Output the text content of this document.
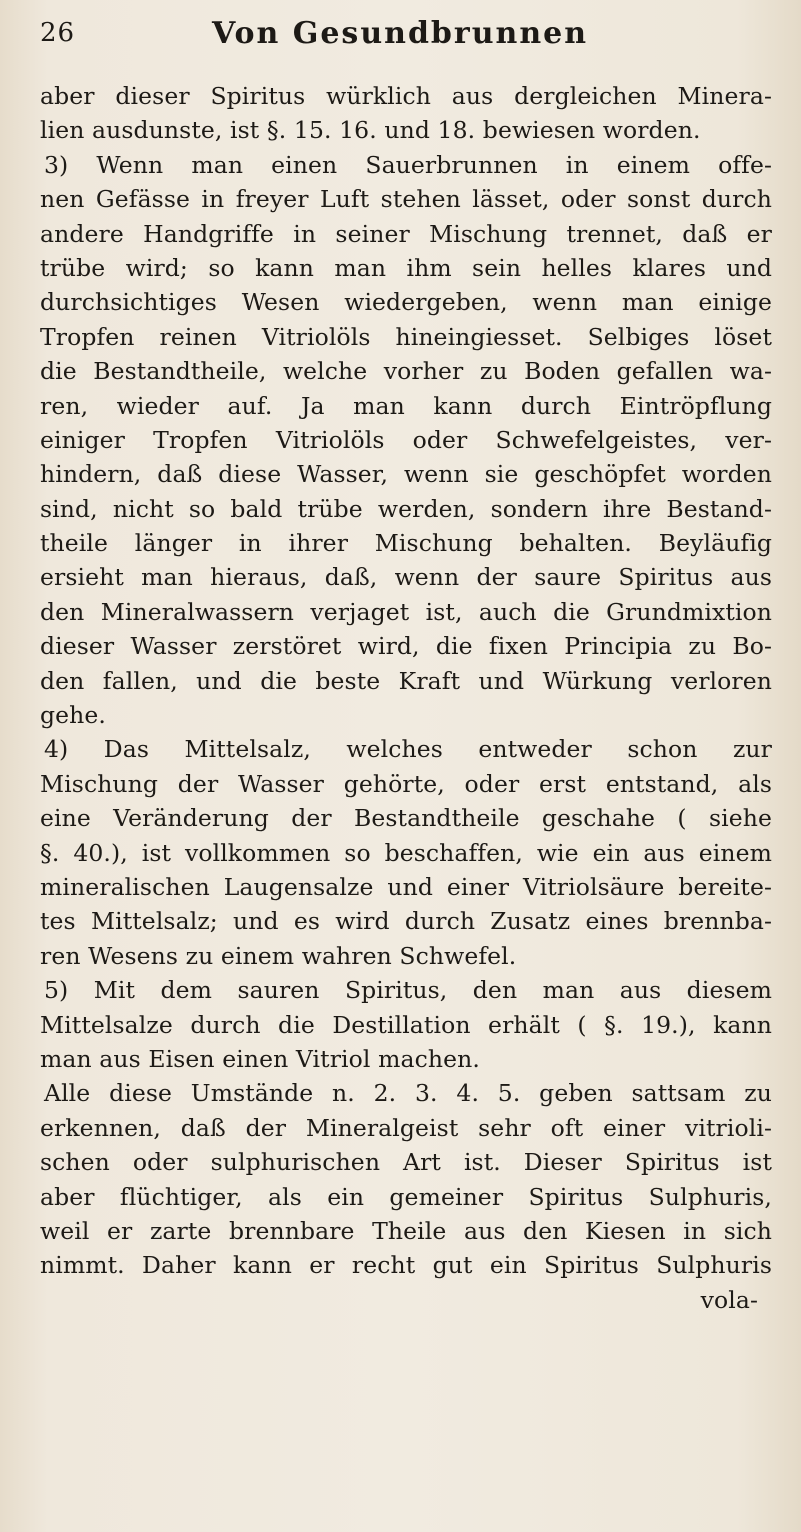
26	Von Gesundbrunnen
aber dieser Spiritus würklich aus dergleichen Minera-
lien ausdunste, ist §. 15. 16. und 18. bewiesen worden.
3) Wenn man einen Sauerbrunnen in einem offe-
nen Gefässe in freyer Luft stehen lässet, oder sonst durch
andere Handgriffe in seiner Mischung trennet, daß er
trübe wird; so kann man ihm sein helles klares und
durchsichtiges Wesen wiedergeben, wenn man einige
Tropfen reinen Vitriolöls hineingiesset. Selbiges löset
die Bestandtheile, welche vorher zu Boden gefallen wa-
ren, wieder auf. Ja man kann durch Eintröpflung
einiger Tropfen Vitriolöls oder Schwefelgeistes, ver-
hindern, daß diese Wasser, wenn sie geschöpfet worden
sind, nicht so bald trübe werden, sondern ihre Bestand-
theile länger in ihrer Mischung behalten. Beyläufig
ersieht man hieraus, daß, wenn der saure Spiritus aus
den Mineralwassern verjaget ist, auch die Grundmixtion
dieser Wasser zerstöret wird, die fixen Principia zu Bo-
den fallen, und die beste Kraft und Würkung verloren
gehe.
4) Das Mittelsalz, welches entweder schon zur
Mischung der Wasser gehörte, oder erst entstand, als
eine Veränderung der Bestandtheile geschahe ( siehe
§. 40.), ist vollkommen so beschaffen, wie ein aus einem
mineralischen Laugensalze und einer Vitriolsäure bereite-
tes Mittelsalz; und es wird durch Zusatz eines brennba-
ren Wesens zu einem wahren Schwefel.
5) Mit dem sauren Spiritus, den man aus diesem
Mittelsalze durch die Destillation erhält ( §. 19.), kann
man aus Eisen einen Vitriol machen.
Alle diese Umstände n. 2. 3. 4. 5. geben sattsam zu
erkennen, daß der Mineralgeist sehr oft einer vitrioli-
schen oder sulphurischen Art ist. Dieser Spiritus ist
aber flüchtiger, als ein gemeiner Spiritus Sulphuris,
weil er zarte brennbare Theile aus den Kiesen in sich
nimmt. Daher kann er recht gut ein Spiritus Sulphuris
vola-
